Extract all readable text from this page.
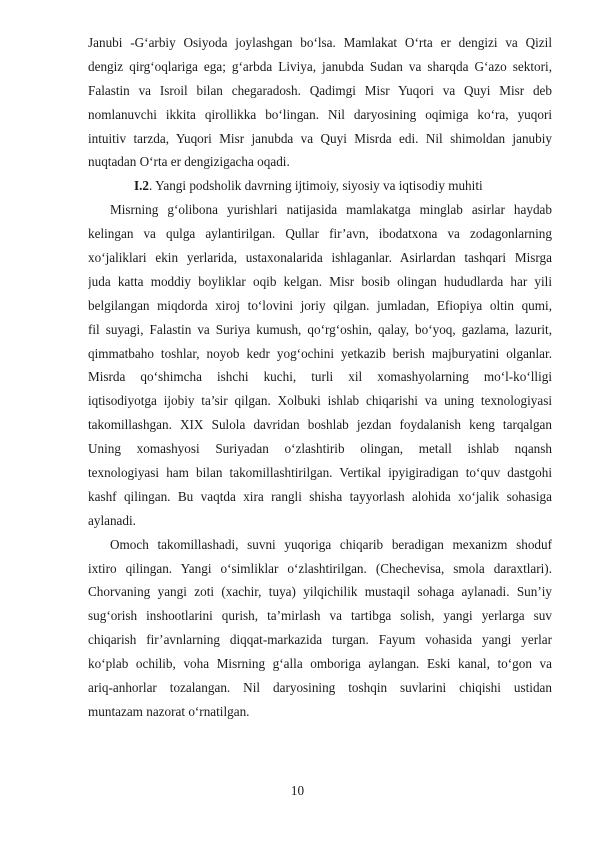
Janubi -G‘arbiy Osiyoda joylashgan bo‘lsa. Mamlakat O‘rta er dengizi va Qizil
dengiz qirg‘oqlariga ega; g‘arbda Liviya, janubda Sudan va sharqda G‘azo sektori,
Falastin va Isroil bilan chegaradosh. Qadimgi Misr Yuqori va Quyi Misr deb
nomlanuvchi ikkita qirollikka bo‘lingan. Nil daryosining oqimiga ko‘ra, yuqori
intuitiv tarzda, Yuqori Misr janubda va Quyi Misrda edi. Nil shimoldan janubiy
nuqtadan O‘rta er dengizigacha oqadi.
I.2. Yangi podsholik davrning ijtimoiy, siyosiy va iqtisodiy muhiti
Misrning g‘olibona yurishlari natijasida mamlakatga minglab asirlar haydab
kelingan va qulga aylantirilgan. Qullar fir’avn, ibodatxona va zodagonlarning
xo‘jaliklari ekin yerlarida, ustaxonalarida ishlaganlar. Asirlardan tashqari Misrga
juda katta moddiy boyliklar oqib kelgan. Misr bosib olingan hududlarda har yili
belgilangan miqdorda xiroj to‘lovini joriy qilgan. jumladan, Efiopiya oltin qumi,
fil suyagi, Falastin va Suriya kumush, qo‘rg‘oshin, qalay, bo‘yoq, gazlama, lazurit,
qimmatbaho toshlar, noyob kedr yog‘ochini yetkazib berish majburyatini olganlar.
Misrda qo‘shimcha ishchi kuchi, turli xil xomashyolarning mo‘l-ko‘lligi
iqtisodiyotga ijobiy ta’sir qilgan. Xolbuki ishlab chiqarishi va uning texnologiyasi
takomillashgan. XIX Sulola davridan boshlab jezdan foydalanish keng tarqalgan
Uning xomashyosi Suriyadan o‘zlashtirib olingan, metall ishlab nqansh
texnologiyasi ham bilan takomillashtirilgan. Vertikal ipyigiradigan to‘quv dastgohi
kashf qilingan. Bu vaqtda xira rangli shisha tayyorlash alohida xo‘jalik sohasiga
aylanadi.
Omoch takomillashadi, suvni yuqoriga chiqarib beradigan mexanizm shoduf
ixtiro qilingan. Yangi o‘simliklar o‘zlashtirilgan. (Chechevisa, smola daraxtlari).
Chorvaning yangi zoti (xachir, tuya) yilqichilik mustaqil sohaga aylanadi. Sun’iy
sug‘orish inshootlarini qurish, ta’mirlash va tartibga solish, yangi yerlarga suv
chiqarish fir’avnlarning diqqat-markazida turgan. Fayum vohasida yangi yerlar
ko‘plab ochilib, voha Misrning g‘alla omboriga aylangan. Eski kanal, to‘gon va
ariq-anhorlar tozalangan. Nil daryosining toshqin suvlarini chiqishi ustidan
muntazam nazorat o‘rnatilgan.
10
